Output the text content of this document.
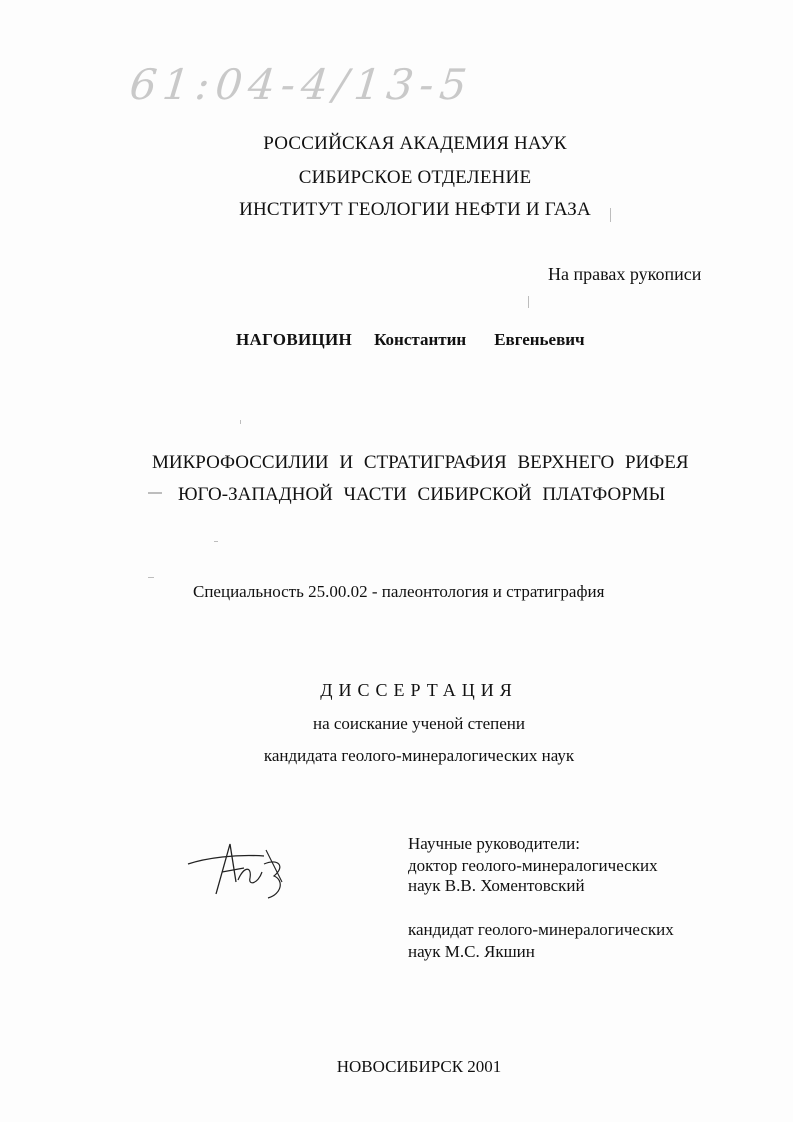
61:04-4/13-5
РОССИЙСКАЯ АКАДЕМИЯ НАУК
СИБИРСКОЕ ОТДЕЛЕНИЕ
ИНСТИТУТ ГЕОЛОГИИ НЕФТИ И ГАЗА
На правах рукописи
НАГОВИЦИН Константин Евгеньевич
МИКРОФОССИЛИИ И СТРАТИГРАФИЯ ВЕРХНЕГО РИФЕЯ
ЮГО-ЗАПАДНОЙ ЧАСТИ СИБИРСКОЙ ПЛАТФОРМЫ
Специальность 25.00.02 - палеонтология и стратиграфия
ДИССЕРТАЦИЯ
на соискание ученой степени
кандидата геолого-минералогических наук
Научные руководители:
доктор геолого-минералогических
наук В.В. Хоментовский
кандидат геолого-минералогических
наук М.С. Якшин
НОВОСИБИРСК 2001
